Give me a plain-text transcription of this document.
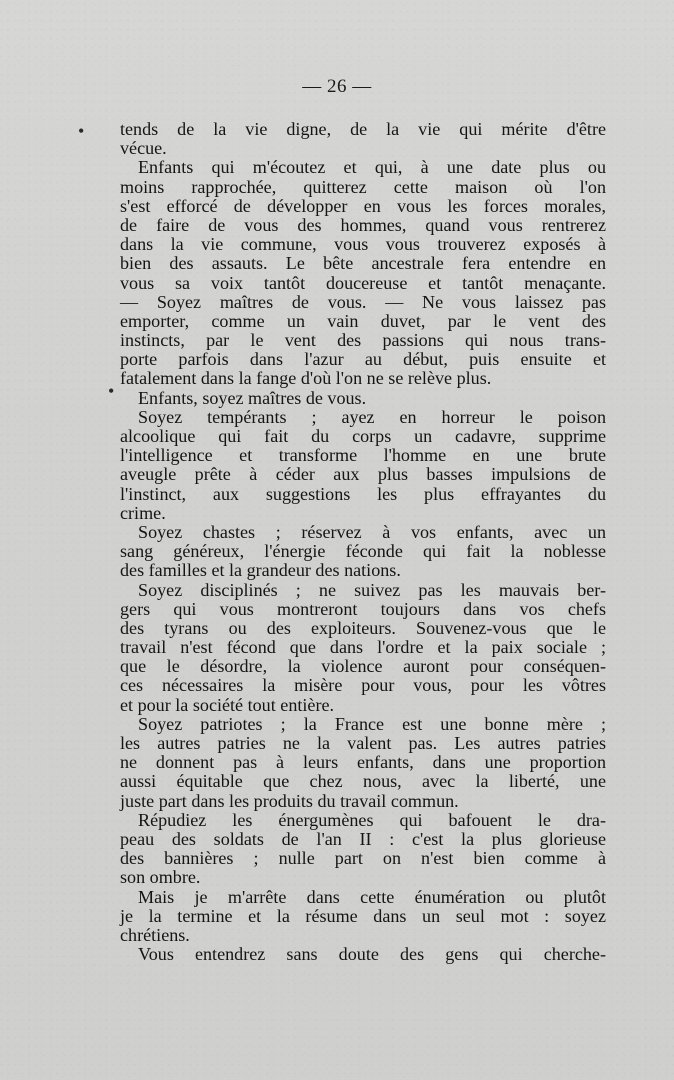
— 26 —
•
•
tends de la vie digne, de la vie qui mérite d'être
vécue.
Enfants qui m'écoutez et qui, à une date plus ou
moins rapprochée, quitterez cette maison où l'on
s'est efforcé de développer en vous les forces morales,
de faire de vous des hommes, quand vous rentrerez
dans la vie commune, vous vous trouverez exposés à
bien des assauts. Le bête ancestrale fera entendre en
vous sa voix tantôt doucereuse et tantôt menaçante.
— Soyez maîtres de vous. — Ne vous laissez pas
emporter, comme un vain duvet, par le vent des
instincts, par le vent des passions qui nous trans-
porte parfois dans l'azur au début, puis ensuite et
fatalement dans la fange d'où l'on ne se relève plus.
Enfants, soyez maîtres de vous.
Soyez tempérants ; ayez en horreur le poison
alcoolique qui fait du corps un cadavre, supprime
l'intelligence et transforme l'homme en une brute
aveugle prête à céder aux plus basses impulsions de
l'instinct, aux suggestions les plus effrayantes du
crime.
Soyez chastes ; réservez à vos enfants, avec un
sang généreux, l'énergie féconde qui fait la noblesse
des familles et la grandeur des nations.
Soyez disciplinés ; ne suivez pas les mauvais ber-
gers qui vous montreront toujours dans vos chefs
des tyrans ou des exploiteurs. Souvenez-vous que le
travail n'est fécond que dans l'ordre et la paix sociale ;
que le désordre, la violence auront pour conséquen-
ces nécessaires la misère pour vous, pour les vôtres
et pour la société tout entière.
Soyez patriotes ; la France est une bonne mère ;
les autres patries ne la valent pas. Les autres patries
ne donnent pas à leurs enfants, dans une proportion
aussi équitable que chez nous, avec la liberté, une
juste part dans les produits du travail commun.
Répudiez les énergumènes qui bafouent le dra-
peau des soldats de l'an II : c'est la plus glorieuse
des bannières ; nulle part on n'est bien comme à
son ombre.
Mais je m'arrête dans cette énumération ou plutôt
je la termine et la résume dans un seul mot : soyez
chrétiens.
Vous entendrez sans doute des gens qui cherche-
